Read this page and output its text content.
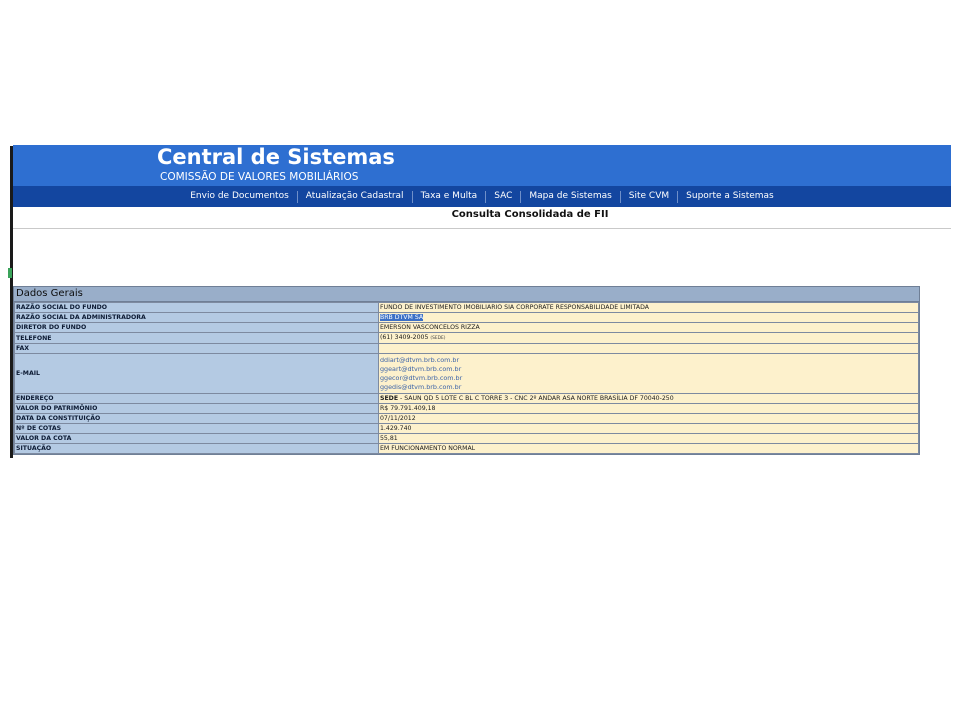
Central de Sistemas
COMISSÃO DE VALORES MOBILIÁRIOS
Envio de Documentos	Atualização Cadastral	Taxa e Multa	SAC	Mapa de Sistemas	Site CVM	Suporte a Sistemas
Consulta Consolidada de FII
Dados Gerais
RAZÃO SOCIAL DO FUNDO	FUNDO DE INVESTIMENTO IMOBILIARIO SIA CORPORATE RESPONSABILIDADE LIMITADA
RAZÃO SOCIAL DA ADMINISTRADORA	BRB DTVM SA
DIRETOR DO FUNDO	EMERSON VASCONCELOS RIZZA
TELEFONE	(61) 3409-2005 (SEDE)
FAX	
E-MAIL	ddiart@dtvm.brb.com.br
ggeart@dtvm.brb.com.br
ggecor@dtvm.brb.com.br
ggedis@dtvm.brb.com.br

ENDEREÇO	SEDE - SAUN QD 5 LOTE C BL C TORRE 3 - CNC 2º ANDAR ASA NORTE BRASÍLIA DF 70040-250
VALOR DO PATRIMÔNIO	R$ 79.791.409,18
DATA DA CONSTITUIÇÃO	07/11/2012
Nº DE COTAS	1.429.740
VALOR DA COTA	55,81
SITUAÇÃO	EM FUNCIONAMENTO NORMAL
